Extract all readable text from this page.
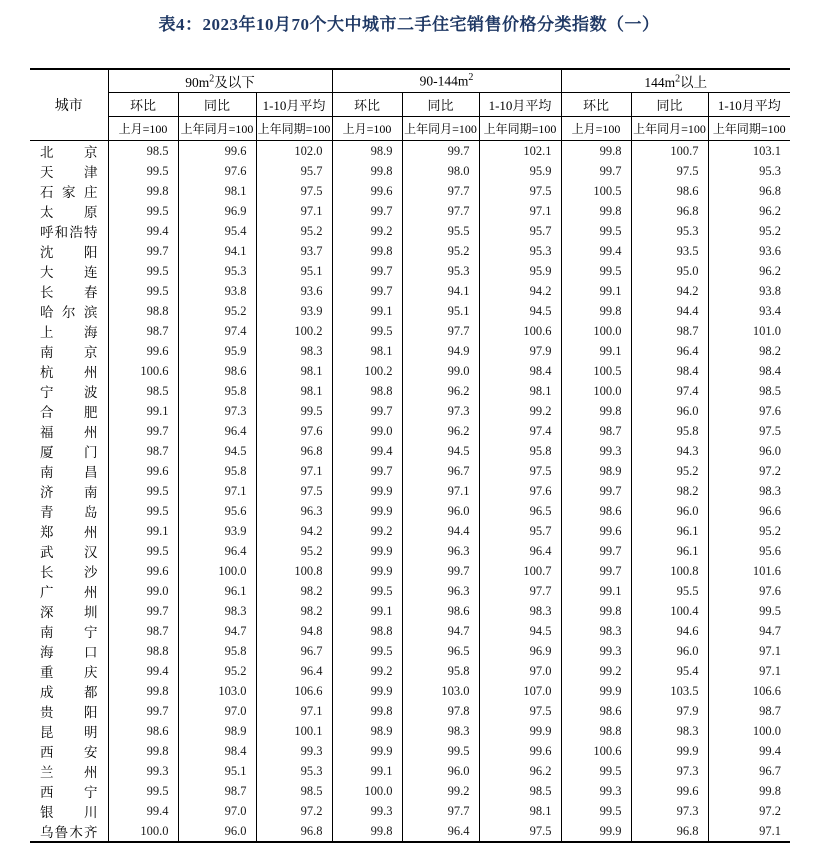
表4：2023年10月70个大中城市二手住宅销售价格分类指数（一）
城市	$90m^2$及以下			$90-144m^2$			$144m^2$以上		
	环比	同比	1-10月平均	环比	同比	1-10月平均	环比	同比	1-10月平均
	上月=100	上年同月=100	上年同期=100	上月=100	上年同月=100	上年同期=100	上月=100	上年同月=100	上年同期=100

北京	98.5	99.6	102.0	98.9	99.7	102.1	99.8	100.7	103.1

天津	99.5	97.6	95.7	99.8	98.0	95.9	99.7	97.5	95.3

石家庄	99.8	98.1	97.5	99.6	97.7	97.5	100.5	98.6	96.8

太原	99.5	96.9	97.1	99.7	97.7	97.1	99.8	96.8	96.2

呼和浩特	99.4	95.4	95.2	99.2	95.5	95.7	99.5	95.3	95.2

沈阳	99.7	94.1	93.7	99.8	95.2	95.3	99.4	93.5	93.6

大连	99.5	95.3	95.1	99.7	95.3	95.9	99.5	95.0	96.2

长春	99.5	93.8	93.6	99.7	94.1	94.2	99.1	94.2	93.8

哈尔滨	98.8	95.2	93.9	99.1	95.1	94.5	99.8	94.4	93.4

上海	98.7	97.4	100.2	99.5	97.7	100.6	100.0	98.7	101.0

南京	99.6	95.9	98.3	98.1	94.9	97.9	99.1	96.4	98.2

杭州	100.6	98.6	98.1	100.2	99.0	98.4	100.5	98.4	98.4

宁波	98.5	95.8	98.1	98.8	96.2	98.1	100.0	97.4	98.5

合肥	99.1	97.3	99.5	99.7	97.3	99.2	99.8	96.0	97.6

福州	99.7	96.4	97.6	99.0	96.2	97.4	98.7	95.8	97.5

厦门	98.7	94.5	96.8	99.4	94.5	95.8	99.3	94.3	96.0

南昌	99.6	95.8	97.1	99.7	96.7	97.5	98.9	95.2	97.2

济南	99.5	97.1	97.5	99.9	97.1	97.6	99.7	98.2	98.3

青岛	99.5	95.6	96.3	99.9	96.0	96.5	98.6	96.0	96.6

郑州	99.1	93.9	94.2	99.2	94.4	95.7	99.6	96.1	95.2

武汉	99.5	96.4	95.2	99.9	96.3	96.4	99.7	96.1	95.6

长沙	99.6	100.0	100.8	99.9	99.7	100.7	99.7	100.8	101.6

广州	99.0	96.1	98.2	99.5	96.3	97.7	99.1	95.5	97.6

深圳	99.7	98.3	98.2	99.1	98.6	98.3	99.8	100.4	99.5

南宁	98.7	94.7	94.8	98.8	94.7	94.5	98.3	94.6	94.7

海口	98.8	95.8	96.7	99.5	96.5	96.9	99.3	96.0	97.1

重庆	99.4	95.2	96.4	99.2	95.8	97.0	99.2	95.4	97.1

成都	99.8	103.0	106.6	99.9	103.0	107.0	99.9	103.5	106.6

贵阳	99.7	97.0	97.1	99.8	97.8	97.5	98.6	97.9	98.7

昆明	98.6	98.9	100.1	98.9	98.3	99.9	98.8	98.3	100.0

西安	99.8	98.4	99.3	99.9	99.5	99.6	100.6	99.9	99.4

兰州	99.3	95.1	95.3	99.1	96.0	96.2	99.5	97.3	96.7

西宁	99.5	98.7	98.5	100.0	99.2	98.5	99.3	99.6	99.8

银川	99.4	97.0	97.2	99.3	97.7	98.1	99.5	97.3	97.2

乌鲁木齐	100.0	96.0	96.8	99.8	96.4	97.5	99.9	96.8	97.1
